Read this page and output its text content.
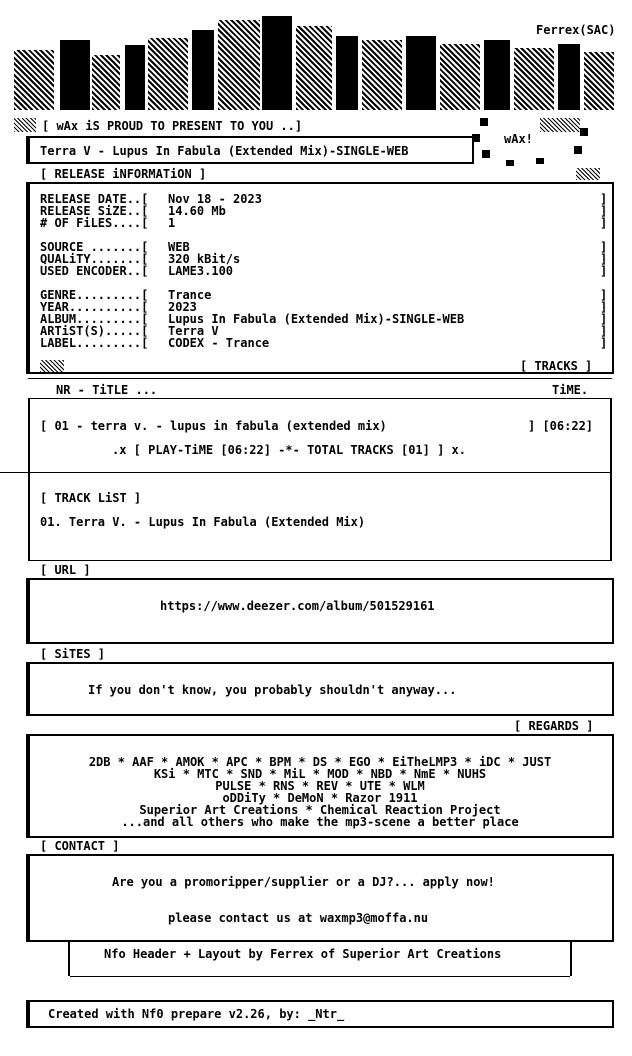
Ferrex(SAC)
[ wAx iS PROUD TO PRESENT TO YOU ..]
wAx!
Terra V - Lupus In Fabula (Extended Mix)-SINGLE-WEB
[ RELEASE iNFORMATiON ]
RELEASE DATE..[ Nov 18 - 2023
RELEASE SiZE..[ 14.60 Mb
# OF FiLES....[ 1
SOURCE .......[ WEB
QUALiTY.......[ 320 kBit/s
USED ENCODER..[ LAME3.100
GENRE.........[ Trance
YEAR..........[ 2023
ALBUM.........[ Lupus In Fabula (Extended Mix)-SINGLE-WEB
ARTiST(S).....[ Terra V
LABEL.........[ CODEX - Trance
]
]
]
]
]
]
]
]
]
]
]
[ TRACKS ]
NR - TiTLE ...	TiME.
[ 01 - terra v. - lupus in fabula (extended mix)	] [06:22]
.x [ PLAY-TiME [06:22] -*- TOTAL TRACKS [01] ] x.
[ TRACK LiST ]
01. Terra V. - Lupus In Fabula (Extended Mix)
[ URL ]
https://www.deezer.com/album/501529161
[ SiTES ]
If you don't know, you probably shouldn't anyway...
[ REGARDS ]
2DB * AAF * AMOK * APC * BPM * DS * EGO * EiTheLMP3 * iDC * JUST
KSi * MTC * SND * MiL * MOD * NBD * NmE * NUHS
PULSE * RNS * REV * UTE * WLM
oDDiTy * DeMoN * Razor 1911
Superior Art Creations * Chemical Reaction Project
...and all others who make the mp3-scene a better place
[ CONTACT ]
Are you a promoripper/supplier or a DJ?... apply now!
please contact us at waxmp3@moffa.nu
Nfo Header + Layout by Ferrex of Superior Art Creations
Created with Nf0 prepare v2.26, by: _Ntr_
